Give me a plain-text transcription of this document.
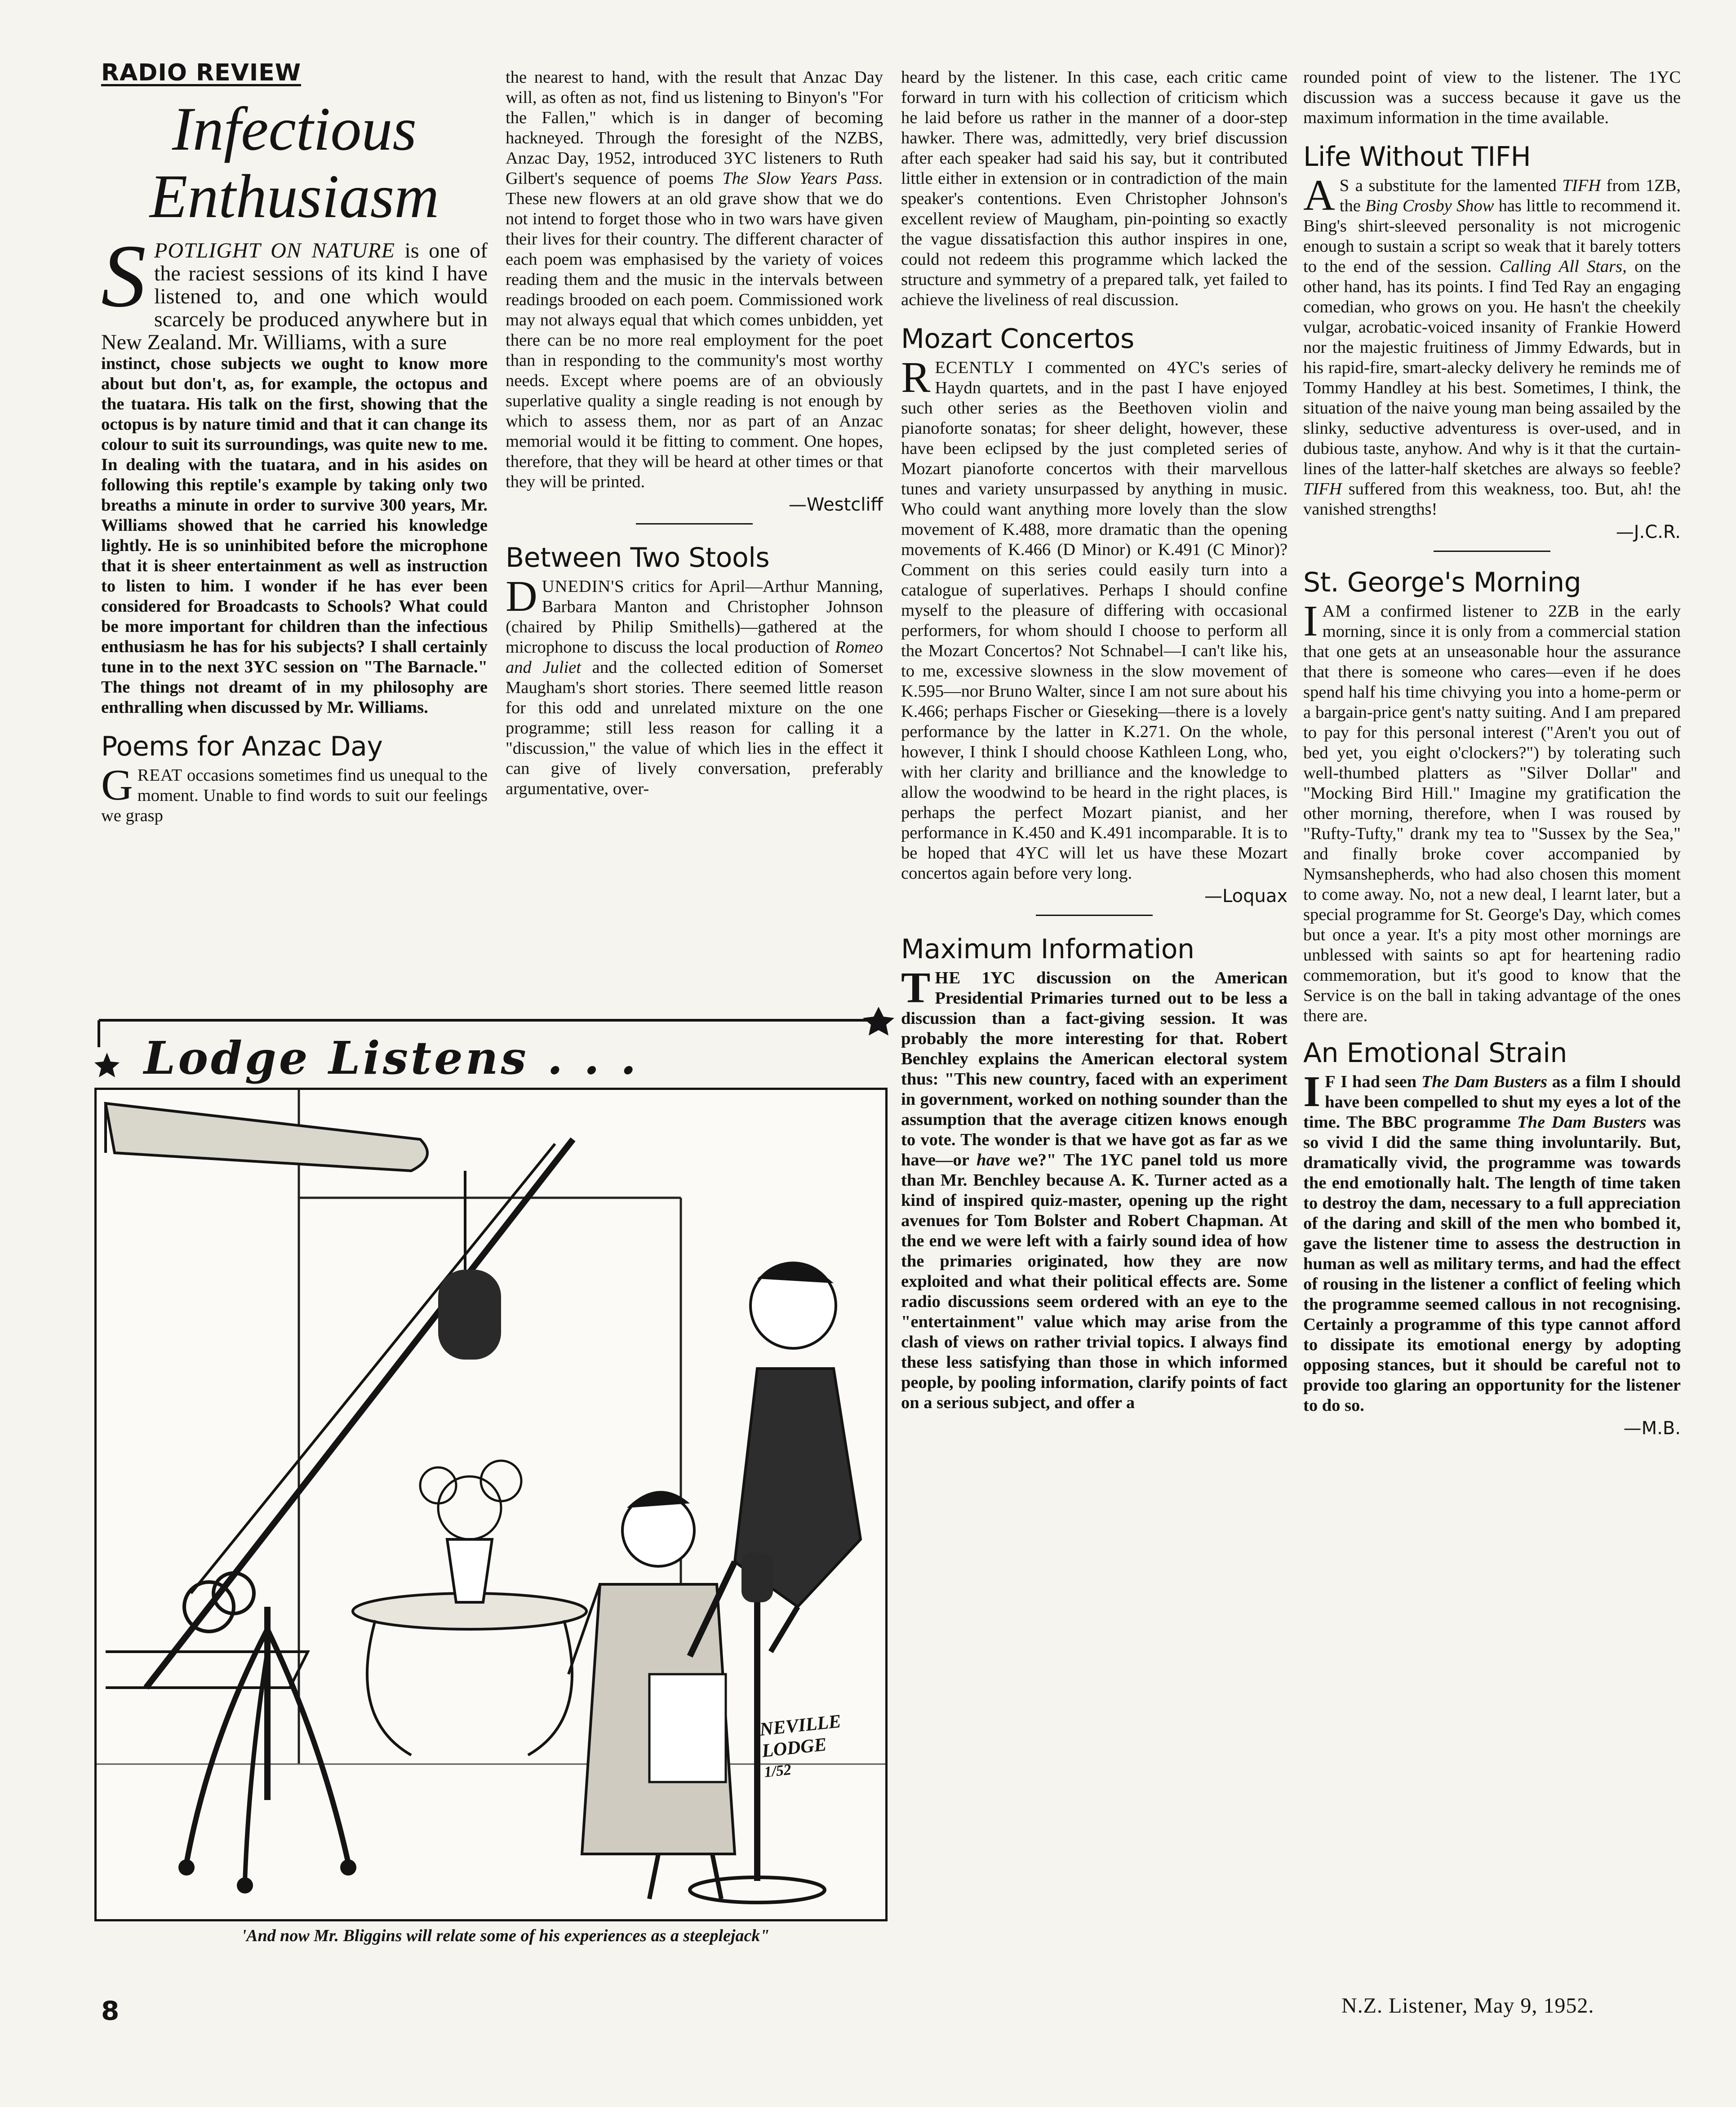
RADIO REVIEW
Infectious
Enthusiasm

SPOTLIGHT ON NATURE is one of the raciest sessions of its kind I have listened to, and one which would scarcely be produced anywhere but in New Zealand. Mr. Williams, with a sure

instinct, chose subjects we ought to know more about but don't, as, for example, the octopus and the tuatara. His talk on the first, showing that the octopus is by nature timid and that it can change its colour to suit its surroundings, was quite new to me. In dealing with the tuatara, and in his asides on following this reptile's example by taking only two breaths a minute in order to survive 300 years, Mr. Williams showed that he carried his knowledge lightly. He is so uninhibited before the microphone that it is sheer entertainment as well as instruction to listen to him. I wonder if he has ever been considered for Broadcasts to Schools? What could be more important for children than the infectious enthusiasm he has for his subjects? I shall certainly tune in to the next 3YC session on "The Barnacle." The things not dreamt of in my philosophy are enthralling when discussed by Mr. Williams.

Poems for Anzac Day

GREAT occasions sometimes find us unequal to the moment. Unable to find words to suit our feelings we grasp

the nearest to hand, with the result that Anzac Day will, as often as not, find us listening to Binyon's "For the Fallen," which is in danger of becoming hackneyed. Through the foresight of the NZBS, Anzac Day, 1952, introduced 3YC listeners to Ruth Gilbert's sequence of poems The Slow Years Pass. These new flowers at an old grave show that we do not intend to forget those who in two wars have given their lives for their country. The different character of each poem was emphasised by the variety of voices reading them and the music in the intervals between readings brooded on each poem. Commissioned work may not always equal that which comes unbidden, yet there can be no more real employment for the poet than in responding to the community's most worthy needs. Except where poems are of an obviously superlative quality a single reading is not enough by which to assess them, nor as part of an Anzac memorial would it be fitting to comment. One hopes, therefore, that they will be heard at other times or that they will be printed.

—Westcliff
Between Two Stools

DUNEDIN'S critics for April—Arthur Manning, Barbara Manton and Christopher Johnson (chaired by Philip Smithells)—gathered at the microphone to discuss the local production of Romeo and Juliet and the collected edition of Somerset Maugham's short stories. There seemed little reason for this odd and unrelated mixture on the one programme; still less reason for calling it a "discussion," the value of which lies in the effect it can give of lively conversation, preferably argumentative, over-

heard by the listener. In this case, each critic came forward in turn with his collection of criticism which he laid before us rather in the manner of a door-step hawker. There was, admittedly, very brief discussion after each speaker had said his say, but it contributed little either in extension or in contradiction of the main speaker's contentions. Even Christopher Johnson's excellent review of Maugham, pin-pointing so exactly the vague dissatisfaction this author inspires in one, could not redeem this programme which lacked the structure and symmetry of a prepared talk, yet failed to achieve the liveliness of real discussion.

Mozart Concertos

RECENTLY I commented on 4YC's series of Haydn quartets, and in the past I have enjoyed such other series as the Beethoven violin and pianoforte sonatas; for sheer delight, however, these have been eclipsed by the just completed series of Mozart pianoforte concertos with their marvellous tunes and variety unsurpassed by anything in music. Who could want anything more lovely than the slow movement of K.488, more dramatic than the opening movements of K.466 (D Minor) or K.491 (C Minor)? Comment on this series could easily turn into a catalogue of superlatives. Perhaps I should confine myself to the pleasure of differing with occasional performers, for whom should I choose to perform all the Mozart Concertos? Not Schnabel—I can't like his, to me, excessive slowness in the slow movement of K.595—nor Bruno Walter, since I am not sure about his K.466; perhaps Fischer or Gieseking—there is a lovely performance by the latter in K.271. On the whole, however, I think I should choose Kathleen Long, who, with her clarity and brilliance and the knowledge to allow the woodwind to be heard in the right places, is perhaps the perfect Mozart pianist, and her performance in K.450 and K.491 incomparable. It is to be hoped that 4YC will let us have these Mozart concertos again before very long.

—Loquax
Maximum Information

THE 1YC discussion on the American Presidential Primaries turned out to be less a discussion than a fact-giving session. It was probably the more interesting for that. Robert Benchley explains the American electoral system thus: "This new country, faced with an experiment in government, worked on nothing sounder than the assumption that the average citizen knows enough to vote. The wonder is that we have got as far as we have—or have we?" The 1YC panel told us more than Mr. Benchley because A. K. Turner acted as a kind of inspired quiz-master, opening up the right avenues for Tom Bolster and Robert Chapman. At the end we were left with a fairly sound idea of how the primaries originated, how they are now exploited and what their political effects are. Some radio discussions seem ordered with an eye to the "entertainment" value which may arise from the clash of views on rather trivial topics. I always find these less satisfying than those in which informed people, by pooling information, clarify points of fact on a serious subject, and offer a

rounded point of view to the listener. The 1YC discussion was a success because it gave us the maximum information in the time available.

Life Without TIFH

A S a substitute for the lamented TIFH from 1ZB, the Bing Crosby Show has little to recommend it. Bing's shirt-sleeved personality is not microgenic enough to sustain a script so weak that it barely totters to the end of the session. Calling All Stars, on the other hand, has its points. I find Ted Ray an engaging comedian, who grows on you. He hasn't the cheekily vulgar, acrobatic-voiced insanity of Frankie Howerd nor the majestic fruitiness of Jimmy Edwards, but in his rapid-fire, smart-alecky delivery he reminds me of Tommy Handley at his best. Sometimes, I think, the situation of the naive young man being assailed by the slinky, seductive adventuress is over-used, and in dubious taste, anyhow. And why is it that the curtain-lines of the latter-half sketches are always so feeble? TIFH suffered from this weakness, too. But, ah! the vanished strengths!

—J.C.R.
St. George's Morning

IAM a confirmed listener to 2ZB in the early morning, since it is only from a commercial station that one gets at an unseasonable hour the assurance that there is someone who cares—even if he does spend half his time chivying you into a home-perm or a bargain-price gent's natty suiting. And I am prepared to pay for this personal interest ("Aren't you out of bed yet, you eight o'clockers?") by tolerating such well-thumbed platters as "Silver Dollar" and "Mocking Bird Hill." Imagine my gratification the other morning, therefore, when I was roused by "Rufty-Tufty," drank my tea to "Sussex by the Sea," and finally broke cover accompanied by Nymsanshepherds, who had also chosen this moment to come away. No, not a new deal, I learnt later, but a special programme for St. George's Day, which comes but once a year. It's a pity most other mornings are unblessed with saints so apt for heartening radio commemoration, but it's good to know that the Service is on the ball in taking advantage of the ones there are.

An Emotional Strain

I F I had seen The Dam Busters as a film I should have been compelled to shut my eyes a lot of the time. The BBC programme The Dam Busters was so vivid I did the same thing involuntarily. But, dramatically vivid, the programme was towards the end emotionally halt. The length of time taken to destroy the dam, necessary to a full appreciation of the daring and skill of the men who bombed it, gave the listener time to assess the destruction in human as well as military terms, and had the effect of rousing in the listener a conflict of feeling which the programme seemed callous in not recognising. Certainly a programme of this type cannot afford to dissipate its emotional energy by adopting opposing stances, but it should be careful not to provide too glaring an opportunity for the listener to do so.

—M.B.
Lodge Listens . . .
NEVILLE
LODGE
1/52
'And now Mr. Bliggins will relate some of his experiences as a steeplejack"
8	N.Z. Listener, May 9, 1952.
